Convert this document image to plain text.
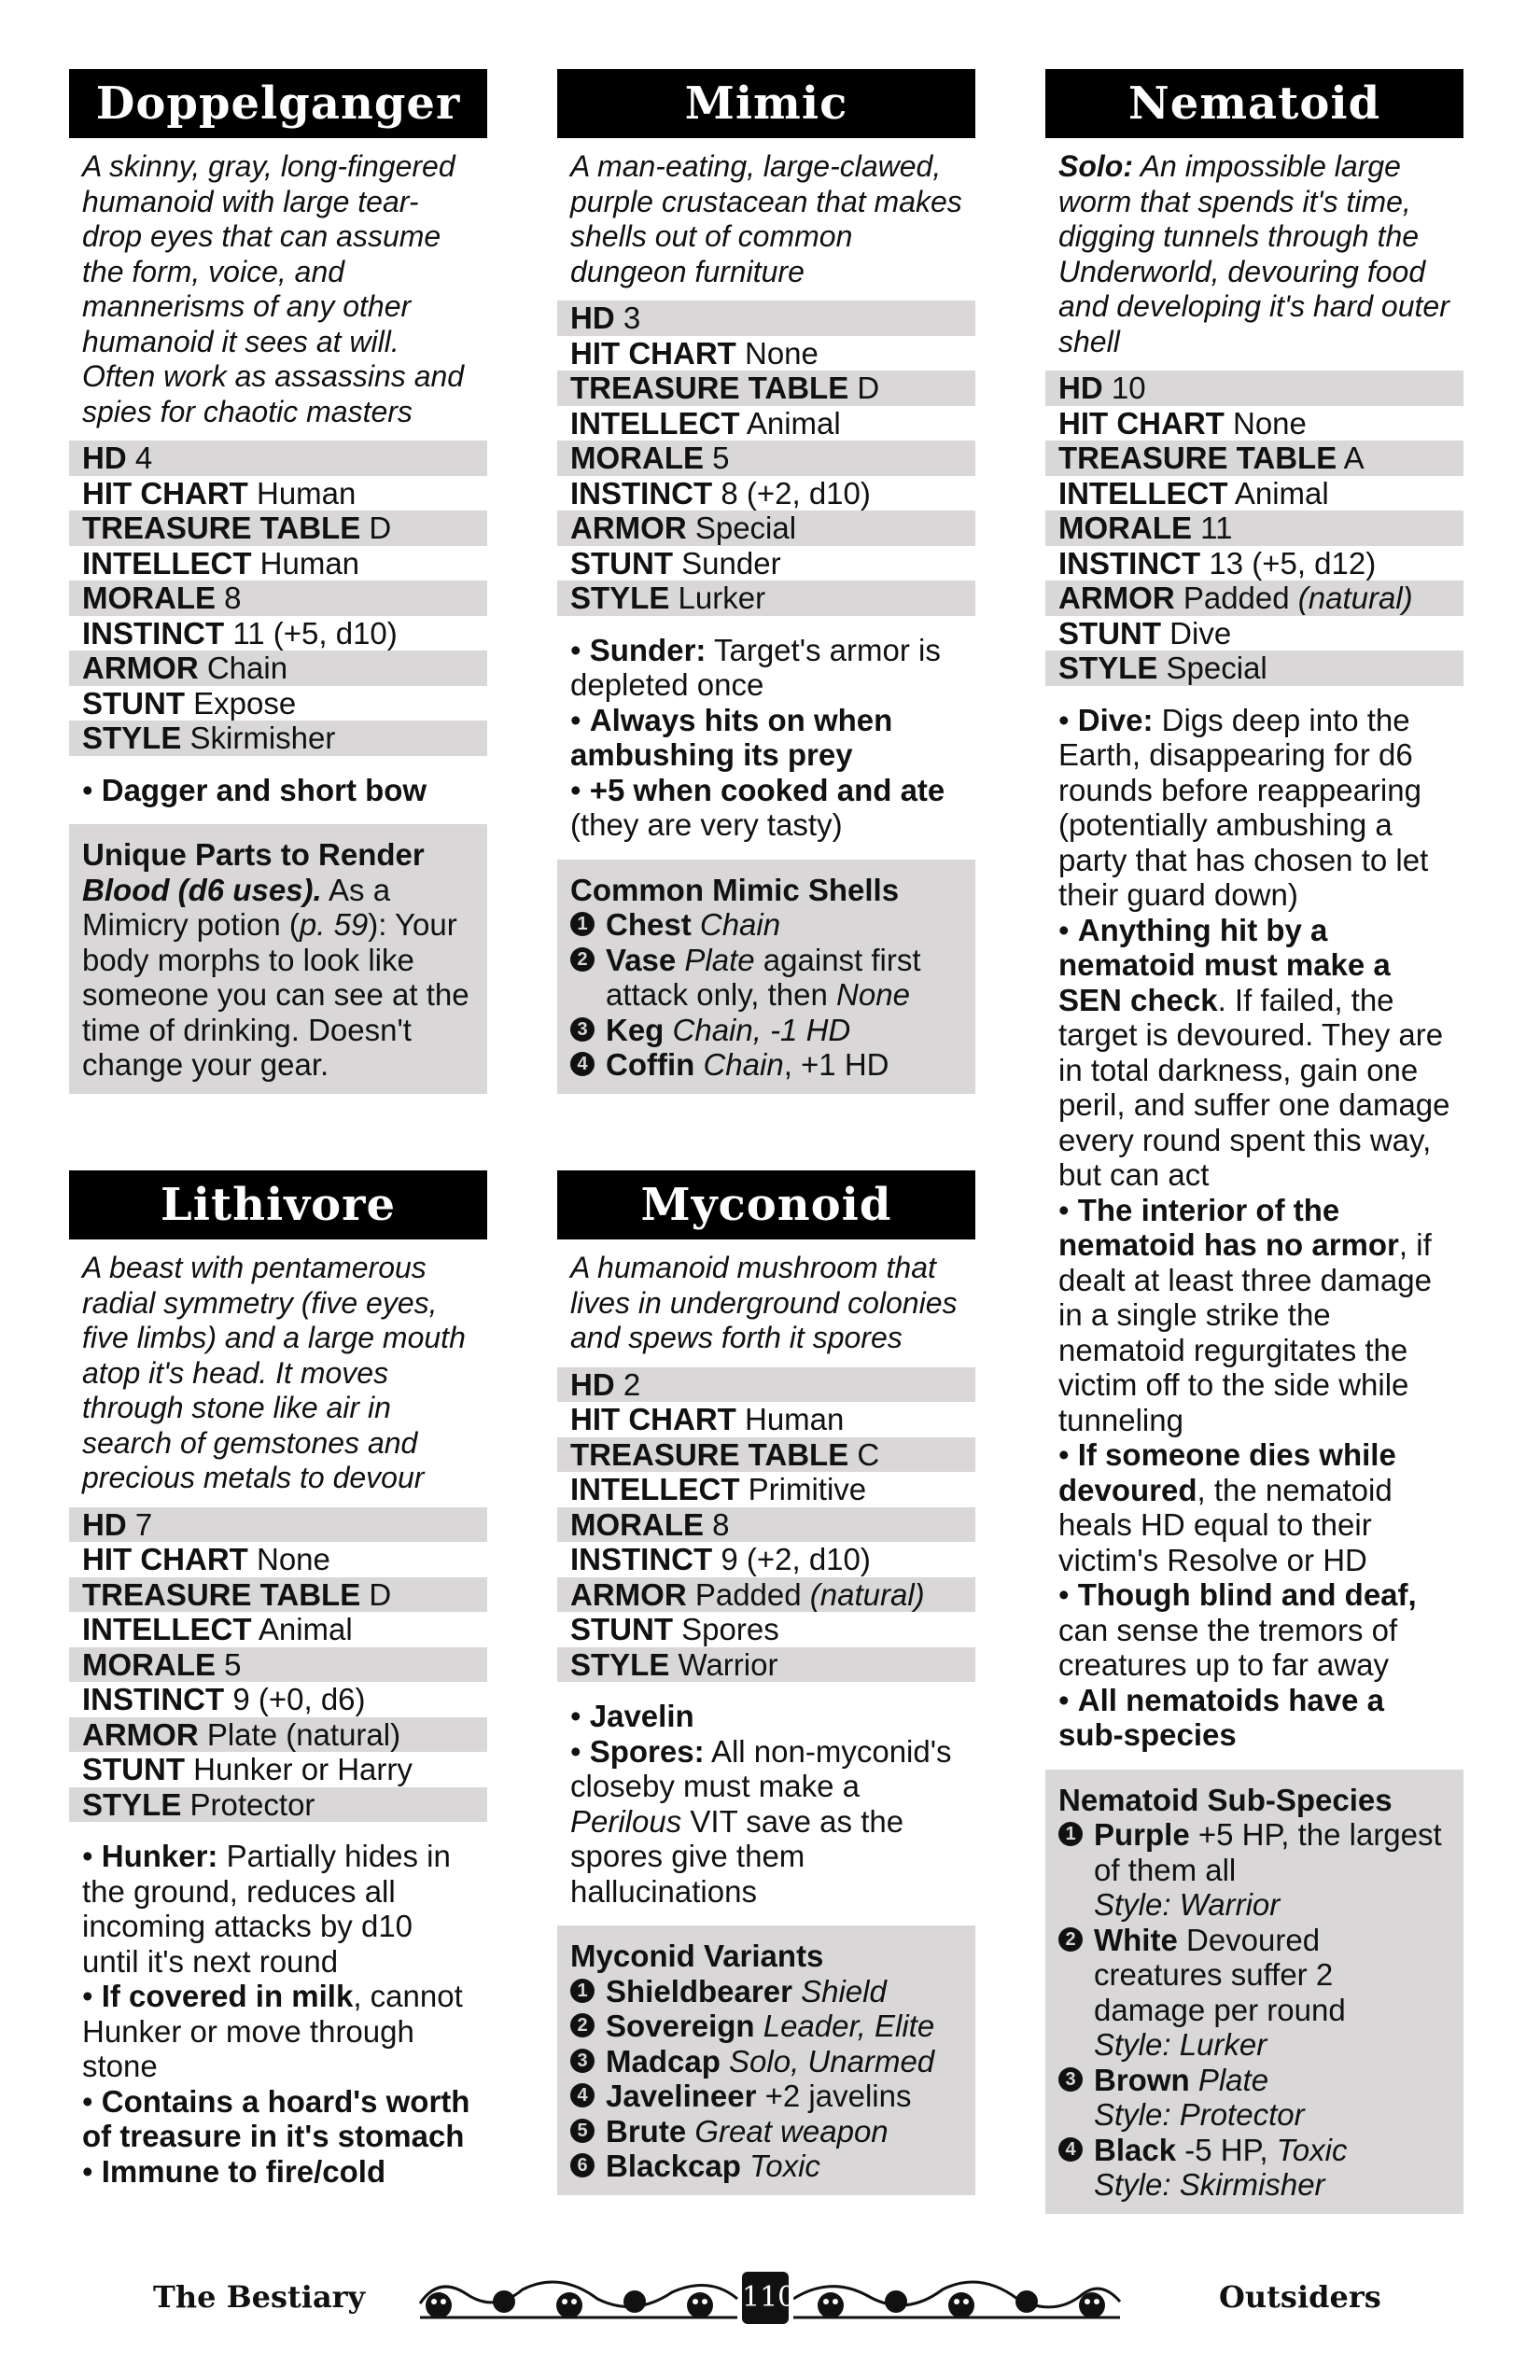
Doppelganger
A skinny, gray, long-fingered humanoid with large tear-drop eyes that can assume the form, voice, and mannerisms of any other humanoid it sees at will. Often work as assassins and spies for chaotic masters
HD 4
HIT CHART Human
TREASURE TABLE D
INTELLECT Human
MORALE 8
INSTINCT 11 (+5, d10)
ARMOR Chain
STUNT Expose
STYLE Skirmisher
• Dagger and short bow
Unique Parts to Render
Blood (d6 uses). As a Mimicry potion (p. 59): Your body morphs to look like someone you can see at the time of drinking. Doesn't change your gear.
Lithivore
A beast with pentamerous radial symmetry (five eyes, five limbs) and a large mouth atop it's head. It moves through stone like air in search of gemstones and precious metals to devour
HD 7
HIT CHART None
TREASURE TABLE D
INTELLECT Animal
MORALE 5
INSTINCT 9 (+0, d6)
ARMOR Plate (natural)
STUNT Hunker or Harry
STYLE Protector
• Hunker: Partially hides in the ground, reduces all incoming attacks by d10 until it's next round
• If covered in milk, cannot Hunker or move through stone
• Contains a hoard's worth of treasure in it's stomach
• Immune to fire/cold
Mimic
A man-eating, large-clawed, purple crustacean that makes shells out of common dungeon furniture
HD 3
HIT CHART None
TREASURE TABLE D
INTELLECT Animal
MORALE 5
INSTINCT 8 (+2, d10)
ARMOR Special
STUNT Sunder
STYLE Lurker
• Sunder: Target's armor is depleted once
• Always hits on when ambushing its prey
• +5 when cooked and ate (they are very tasty)
Common Mimic Shells
1 Chest Chain
2 Vase Plate against first attack only, then None
3 Keg Chain, -1 HD
4 Coffin Chain, +1 HD
Myconoid
A humanoid mushroom that lives in underground colonies and spews forth it spores
HD 2
HIT CHART Human
TREASURE TABLE C
INTELLECT Primitive
MORALE 8
INSTINCT 9 (+2, d10)
ARMOR Padded (natural)
STUNT Spores
STYLE Warrior
• Javelin
• Spores: All non-myconid's closeby must make a Perilous VIT save as the spores give them hallucinations
Myconid Variants
1 Shieldbearer Shield
2 Sovereign Leader, Elite
3 Madcap Solo, Unarmed
4 Javelineer +2 javelins
5 Brute Great weapon
6 Blackcap Toxic
Nematoid
Solo: An impossible large worm that spends it's time, digging tunnels through the Underworld, devouring food and developing it's hard outer shell
HD 10
HIT CHART None
TREASURE TABLE A
INTELLECT Animal
MORALE 11
INSTINCT 13 (+5, d12)
ARMOR Padded (natural)
STUNT Dive
STYLE Special
• Dive: Digs deep into the Earth, disappearing for d6 rounds before reappearing (potentially ambushing a party that has chosen to let their guard down)
• Anything hit by a nematoid must make a SEN check. If failed, the target is devoured. They are in total darkness, gain one peril, and suffer one damage every round spent this way, but can act
• The interior of the nematoid has no armor, if dealt at least three damage in a single strike the nematoid regurgitates the victim off to the side while tunneling
• If someone dies while devoured, the nematoid heals HD equal to their victim's Resolve or HD
• Though blind and deaf, can sense the tremors of creatures up to far away
• All nematoids have a sub-species
Nematoid Sub-Species
1 Purple +5 HP, the largest of them all
Style: Warrior
2 White Devoured creatures suffer 2 damage per round
Style: Lurker
3 Brown Plate
Style: Protector
4 Black -5 HP, Toxic
Style: Skirmisher
The Bestiary	110	Outsiders
